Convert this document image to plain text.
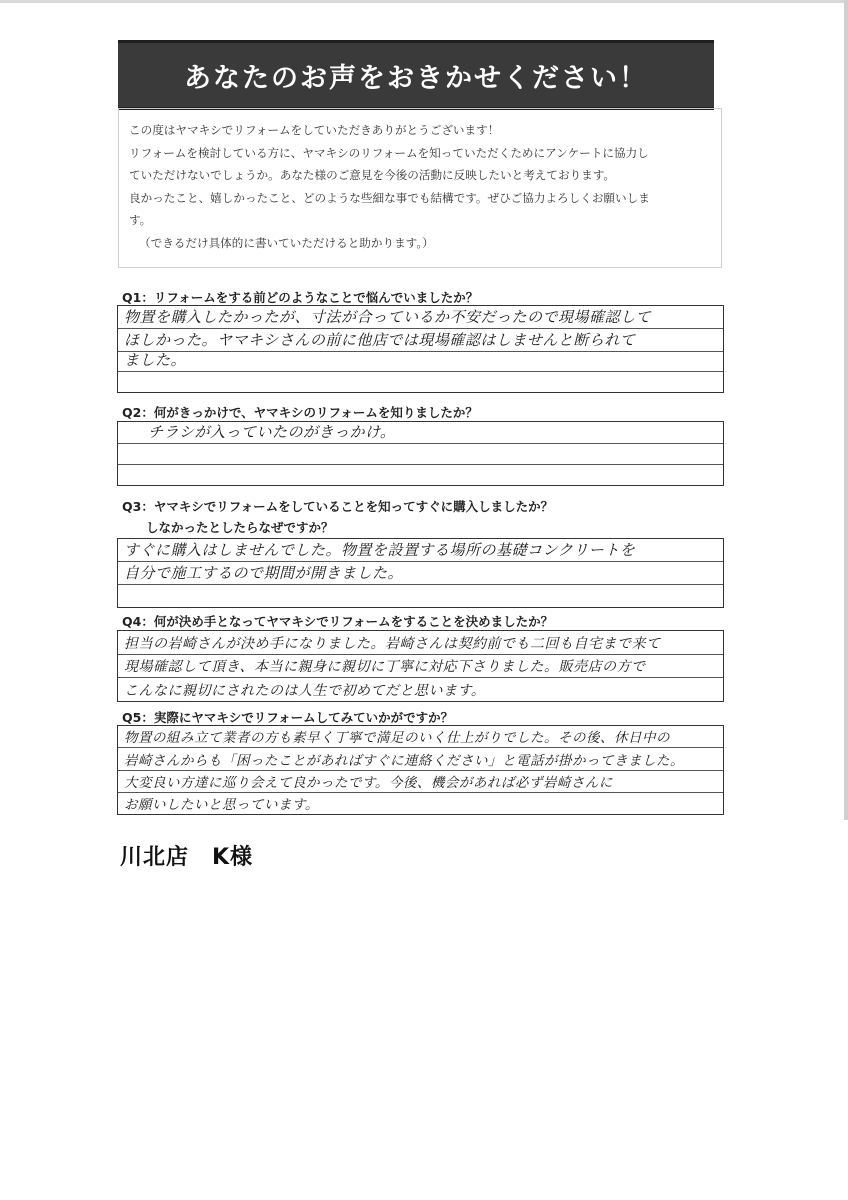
あなたのお声をおきかせください！

この度はヤマキシでリフォームをしていただきありがとうございます！

リフォームを検討している方に、ヤマキシのリフォームを知っていただくためにアンケートに協力し

ていただけないでしょうか。あなた様のご意見を今後の活動に反映したいと考えております。

良かったこと、嬉しかったこと、どのような些細な事でも結構です。ぜひご協力よろしくお願いしま

す。

（できるだけ具体的に書いていただけると助かります。）

Q1：リフォームをする前どのようなことで悩んでいましたか？
物置を購入したかったが、寸法が合っているか不安だったので現場確認して
ほしかった。ヤマキシさんの前に他店では現場確認はしませんと断られて
ました。
Q2：何がきっかけで、ヤマキシのリフォームを知りましたか？
チラシが入っていたのがきっかけ。
Q3：ヤマキシでリフォームをしていることを知ってすぐに購入しましたか？
しなかったとしたらなぜですか？
すぐに購入はしませんでした。物置を設置する場所の基礎コンクリートを
自分で施工するので期間が開きました。
Q4：何が決め手となってヤマキシでリフォームをすることを決めましたか？
担当の岩崎さんが決め手になりました。岩崎さんは契約前でも二回も自宅まで来て
現場確認して頂き、本当に親身に親切に丁寧に対応下さりました。販売店の方で
こんなに親切にされたのは人生で初めてだと思います。
Q5：実際にヤマキシでリフォームしてみていかがですか？
物置の組み立て業者の方も素早く丁寧で満足のいく仕上がりでした。その後、休日中の
岩崎さんからも「困ったことがあればすぐに連絡ください」と電話が掛かってきました。
大変良い方達に巡り会えて良かったです。今後、機会があれば必ず岩崎さんに
お願いしたいと思っています。
川北店　K様
